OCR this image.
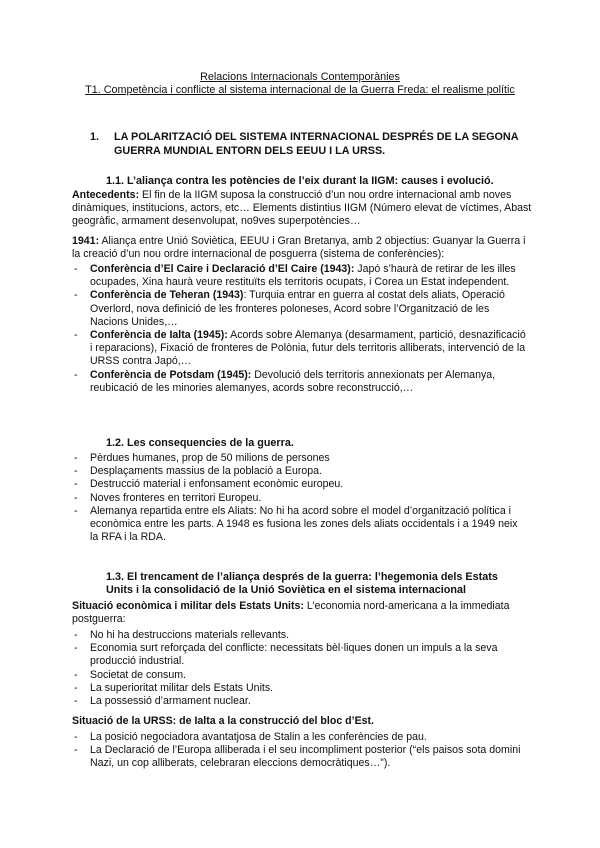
Relacions Internacionals Contemporànies
T1. Competència i conflicte al sistema internacional de la Guerra Freda: el realisme polític
1. LA POLARITZACIÓ DEL SISTEMA INTERNACIONAL DESPRÉS DE LA SEGONA GUERRA MUNDIAL ENTORN DELS EEUU I LA URSS.
1.1. L’aliança contra les potències de l’eix durant la IIGM: causes i evolució.
Antecedents: El fin de la IIGM suposa la construcció d’un nou ordre internacional amb noves dinàmiques, institucions, actors, etc… Elements distintius IIGM (Número elevat de víctimes, Abast geogràfic, armament desenvolupat, no9ves superpotències…
1941: Aliança entre Unió Soviètica, EEUU i Gran Bretanya, amb 2 objectius: Guanyar la Guerra i la creació d’un nou ordre internacional de posguerra (sistema de conferències):
- Conferència d’El Caire i Declaració d’El Caire (1943): Japó s’haurà de retirar de les illes ocupades, Xina haurà veure restituïts els territoris ocupats, i Corea un Estat independent.
- Conferència de Teheran (1943): Turquia entrar en guerra al costat dels aliats, Operació Overlord, nova definició de les fronteres poloneses, Acord sobre l’Organització de les Nacions Unides,…
- Conferència de Ialta (1945): Acords sobre Alemanya (desarmament, partició, desnazificació i reparacions), Fixació de fronteres de Polònia, futur dels territoris alliberats, intervenció de la URSS contra Japó,…
- Conferència de Potsdam (1945): Devolució dels territoris annexionats per Alemanya, reubicació de les minories alemanyes, acords sobre reconstrucció,…
1.2. Les consequencies de la guerra.
- Pèrdues humanes, prop de 50 milions de persones
- Desplaçaments massius de la població a Europa.
- Destrucció material i enfonsament econòmic europeu.
- Noves fronteres en territori Europeu.
- Alemanya repartida entre els Aliats: No hi ha acord sobre el model d’organització política i econòmica entre les parts. A 1948 es fusiona les zones dels aliats occidentals i a 1949 neix la RFA i la RDA.
1.3. El trencament de l’aliança després de la guerra: l’hegemonia dels Estats Units i la consolidació de la Unió Soviètica en el sistema internacional
Situació econòmica i militar dels Estats Units: L’economia nord-americana a la immediata postguerra:
- No hi ha destruccions materials rellevants.
- Economia surt reforçada del conflicte: necessitats bèl·liques donen un impuls a la seva producció industrial.
- Societat de consum.
- La superioritat militar dels Estats Units.
- La possessió d’armament nuclear.
Situació de la URSS: de Ialta a la construcció del bloc d’Est.
- La posició negociadora avantatjosa de Stalin a les conferències de pau.
- La Declaració de l’Europa alliberada i el seu incompliment posterior (“els paisos sota domini Nazi, un cop alliberats, celebraran eleccions democràtiques…”).
